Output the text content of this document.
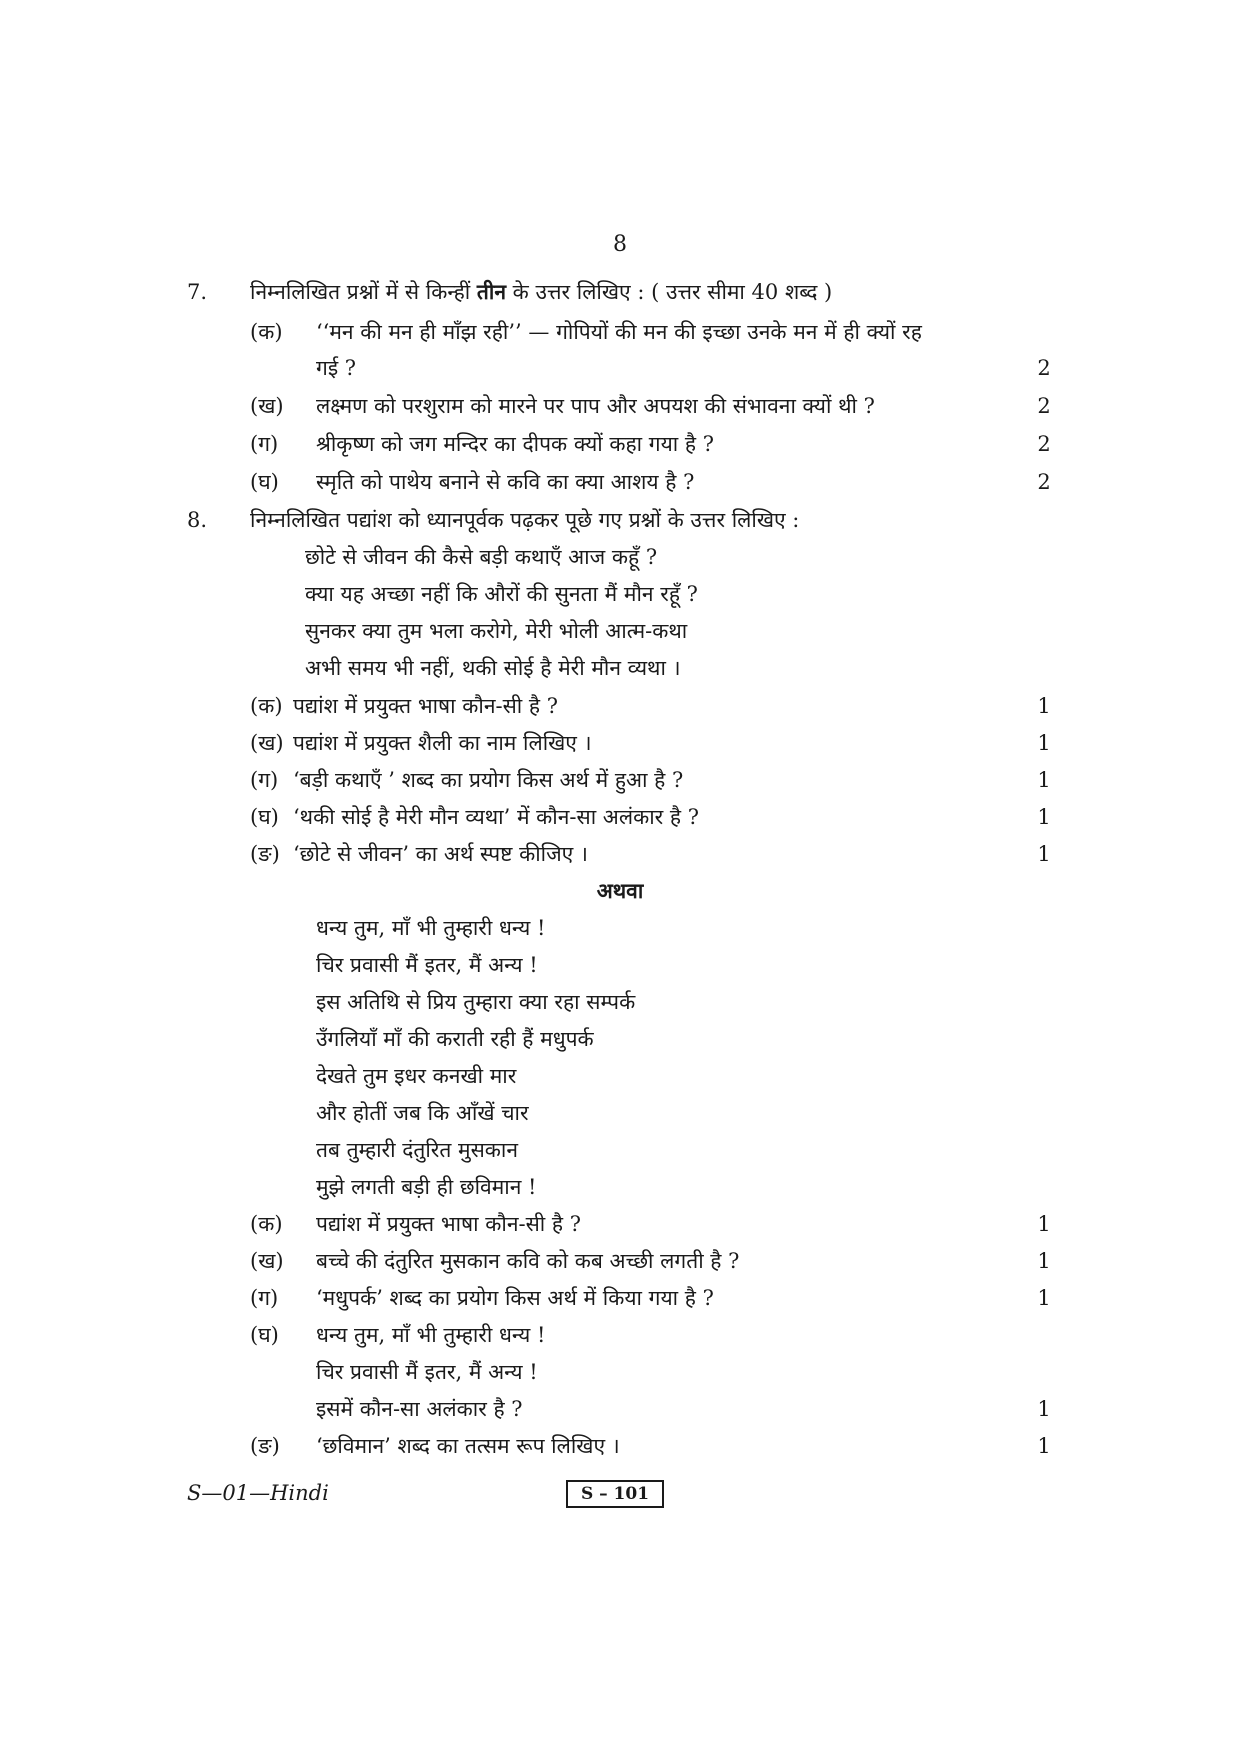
8
7. निम्नलिखित प्रश्नों में से किन्हीं तीन के उत्तर लिखिए : ( उत्तर सीमा 40 शब्द )
(क) ‘‘मन की मन ही माँझ रही’’ — गोपियों की मन की इच्छा उनके मन में ही क्यों रह
गई ?	2
(ख) लक्ष्मण को परशुराम को मारने पर पाप और अपयश की संभावना क्यों थी ?	2
(ग) श्रीकृष्ण को जग मन्दिर का दीपक क्यों कहा गया है ?	2
(घ) स्मृति को पाथेय बनाने से कवि का क्या आशय है ?	2
8. निम्नलिखित पद्यांश को ध्यानपूर्वक पढ़कर पूछे गए प्रश्नों के उत्तर लिखिए :
छोटे से जीवन की कैसे बड़ी कथाएँ आज कहूँ ?
क्या यह अच्छा नहीं कि औरों की सुनता मैं मौन रहूँ ?
सुनकर क्या तुम भला करोगे, मेरी भोली आत्म-कथा
अभी समय भी नहीं, थकी सोई है मेरी मौन व्यथा ।
(क) पद्यांश में प्रयुक्त भाषा कौन-सी है ?	1
(ख) पद्यांश में प्रयुक्त शैली का नाम लिखिए ।	1
(ग) ‘बड़ी कथाएँ ’ शब्द का प्रयोग किस अर्थ में हुआ है ?	1
(घ) ‘थकी सोई है मेरी मौन व्यथा’ में कौन-सा अलंकार है ?	1
(ङ) ‘छोटे से जीवन’ का अर्थ स्पष्ट कीजिए ।	1
अथवा
धन्य तुम, माँ भी तुम्हारी धन्य !
चिर प्रवासी मैं इतर, मैं अन्य !
इस अतिथि से प्रिय तुम्हारा क्या रहा सम्पर्क
उँगलियाँ माँ की कराती रही हैं मधुपर्क
देखते तुम इधर कनखी मार
और होतीं जब कि आँखें चार
तब तुम्हारी दंतुरित मुसकान
मुझे लगती बड़ी ही छविमान !
(क) पद्यांश में प्रयुक्त भाषा कौन-सी है ?	1
(ख) बच्चे की दंतुरित मुसकान कवि को कब अच्छी लगती है ?	1
(ग) ‘मधुपर्क’ शब्द का प्रयोग किस अर्थ में किया गया है ?	1
(घ) धन्य तुम, माँ भी तुम्हारी धन्य !
चिर प्रवासी मैं इतर, मैं अन्य !
इसमें कौन-सा अलंकार है ?	1
(ङ) ‘छविमान’ शब्द का तत्सम रूप लिखिए ।	1
S—01—Hindi	S – 101
